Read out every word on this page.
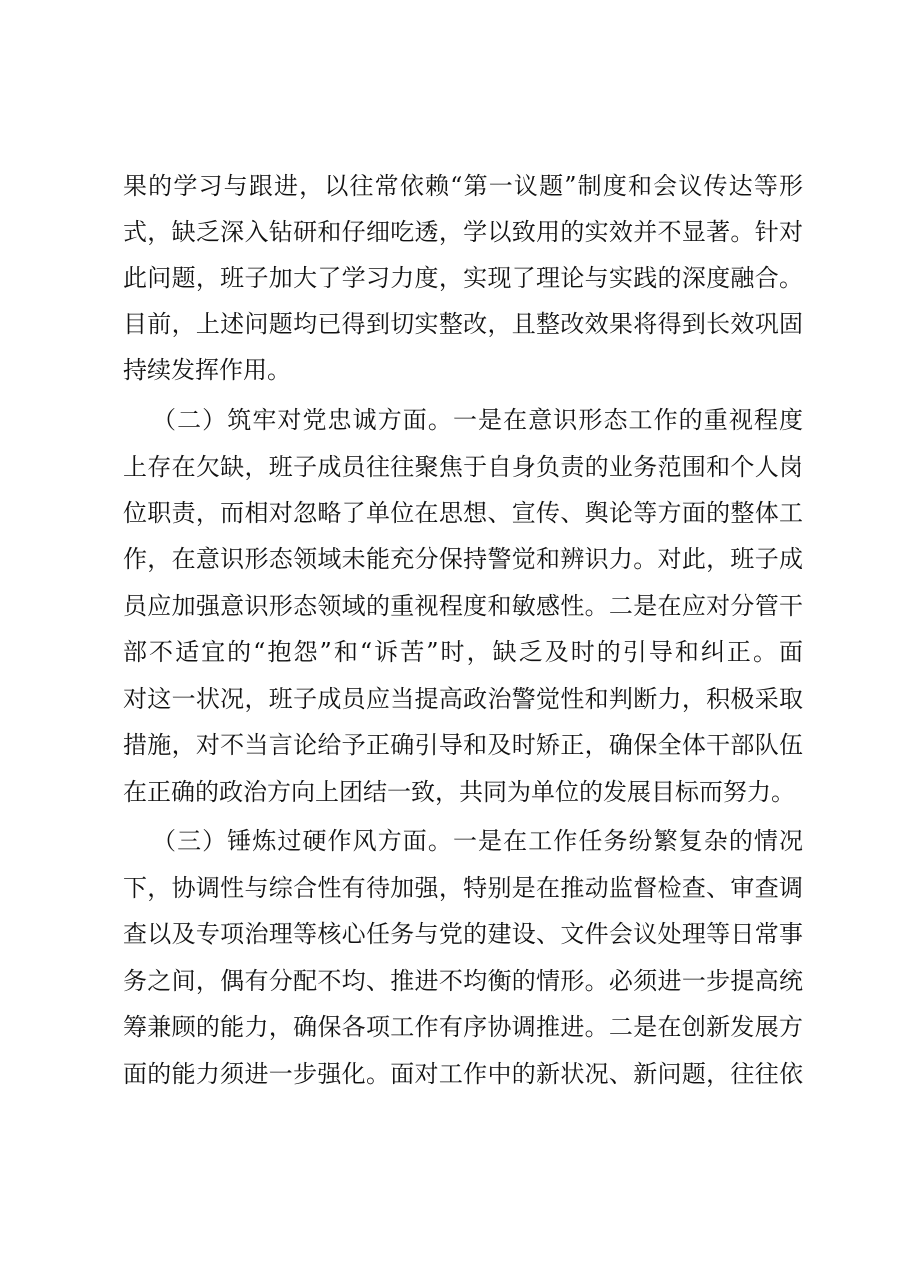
果的学习与跟进，以往常依赖“第一议题”制度和会议传达等形
式，缺乏深入钻研和仔细吃透，学以致用的实效并不显著。针对
此问题，班子加大了学习力度，实现了理论与实践的深度融合。
目前，上述问题均已得到切实整改，且整改效果将得到长效巩固
持续发挥作用。
（二）筑牢对党忠诚方面。一是在意识形态工作的重视程度
上存在欠缺，班子成员往往聚焦于自身负责的业务范围和个人岗
位职责，而相对忽略了单位在思想、宣传、舆论等方面的整体工
作，在意识形态领域未能充分保持警觉和辨识力。对此，班子成
员应加强意识形态领域的重视程度和敏感性。二是在应对分管干
部不适宜的“抱怨”和“诉苦”时，缺乏及时的引导和纠正。面
对这一状况，班子成员应当提高政治警觉性和判断力，积极采取
措施，对不当言论给予正确引导和及时矫正，确保全体干部队伍
在正确的政治方向上团结一致，共同为单位的发展目标而努力。
（三）锤炼过硬作风方面。一是在工作任务纷繁复杂的情况
下，协调性与综合性有待加强，特别是在推动监督检查、审查调
查以及专项治理等核心任务与党的建设、文件会议处理等日常事
务之间，偶有分配不均、推进不均衡的情形。必须进一步提高统
筹兼顾的能力，确保各项工作有序协调推进。二是在创新发展方
面的能力须进一步强化。面对工作中的新状况、新问题，往往依
